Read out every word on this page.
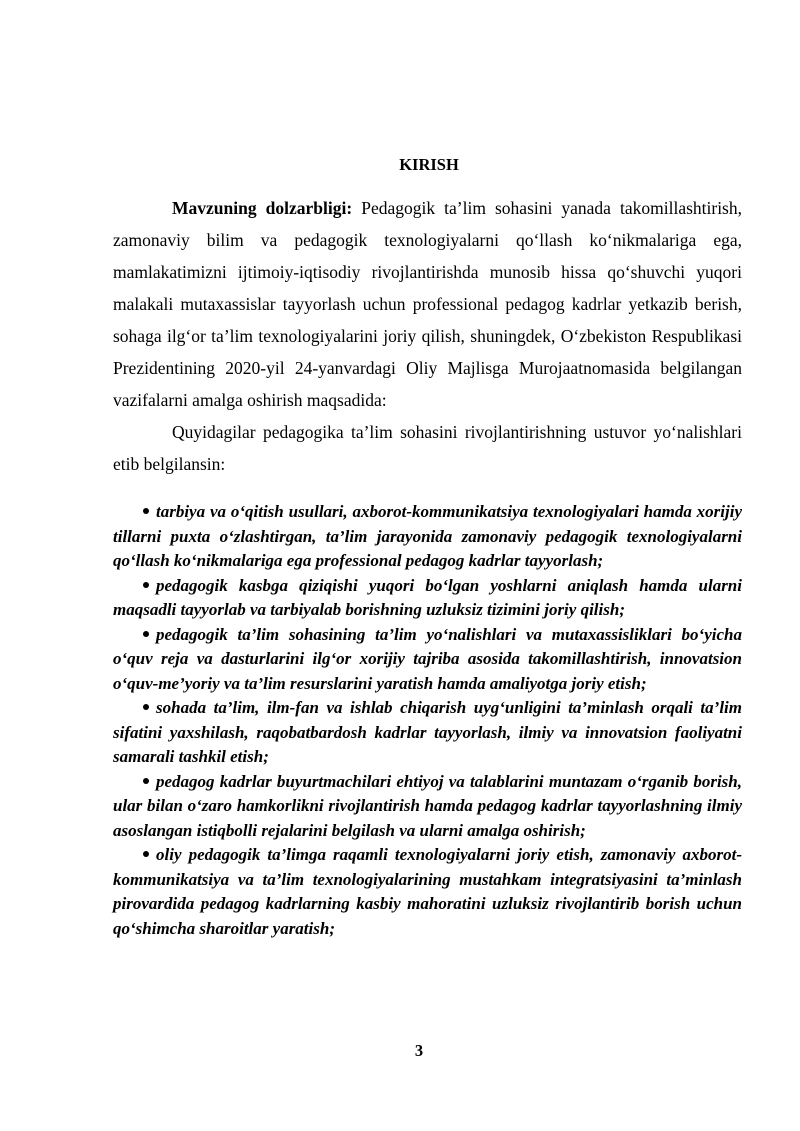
KIRISH

Mavzuning dolzarbligi: Pedagogik ta’lim sohasini yanada takomillashtirish, zamonaviy bilim va pedagogik texnologiyalarni qo‘llash ko‘nikmalariga ega, mamlakatimizni ijtimoiy-iqtisodiy rivojlantirishda munosib hissa qo‘shuvchi yuqori malakali mutaxassislar tayyorlash uchun professional pedagog kadrlar yetkazib berish, sohaga ilg‘or ta’lim texnologiyalarini joriy qilish, shuningdek, O‘zbekiston Respublikasi Prezidentining 2020-yil 24-yanvardagi Oliy Majlisga Murojaatnomasida belgilangan vazifalarni amalga oshirish maqsadida:

Quyidagilar pedagogika ta’lim sohasini rivojlantirishning ustuvor yo‘nalishlari etib belgilansin:

tarbiya va o‘qitish usullari, axborot-kommunikatsiya texnologiyalari hamda xorijiy tillarni puxta o‘zlashtirgan, ta’lim jarayonida zamonaviy pedagogik texnologiyalarni qo‘llash ko‘nikmalariga ega professional pedagog kadrlar tayyorlash;
pedagogik kasbga qiziqishi yuqori bo‘lgan yoshlarni aniqlash hamda ularni maqsadli tayyorlab va tarbiyalab borishning uzluksiz tizimini joriy qilish;
pedagogik ta’lim sohasining ta’lim yo‘nalishlari va mutaxassisliklari bo‘yicha o‘quv reja va dasturlarini ilg‘or xorijiy tajriba asosida takomillashtirish, innovatsion o‘quv-me’yoriy va ta’lim resurslarini yaratish hamda amaliyotga joriy etish;
sohada ta’lim, ilm-fan va ishlab chiqarish uyg‘unligini ta’minlash orqali ta’lim sifatini yaxshilash, raqobatbardosh kadrlar tayyorlash, ilmiy va innovatsion faoliyatni samarali tashkil etish;
pedagog kadrlar buyurtmachilari ehtiyoj va talablarini muntazam o‘rganib borish, ular bilan o‘zaro hamkorlikni rivojlantirish hamda pedagog kadrlar tayyorlashning ilmiy asoslangan istiqbolli rejalarini belgilash va ularni amalga oshirish;
oliy pedagogik ta’limga raqamli texnologiyalarni joriy etish, zamonaviy axborot-kommunikatsiya va ta’lim texnologiyalarining mustahkam integratsiyasini ta’minlash pirovardida pedagog kadrlarning kasbiy mahoratini uzluksiz rivojlantirib borish uchun qo‘shimcha sharoitlar yaratish;
3
